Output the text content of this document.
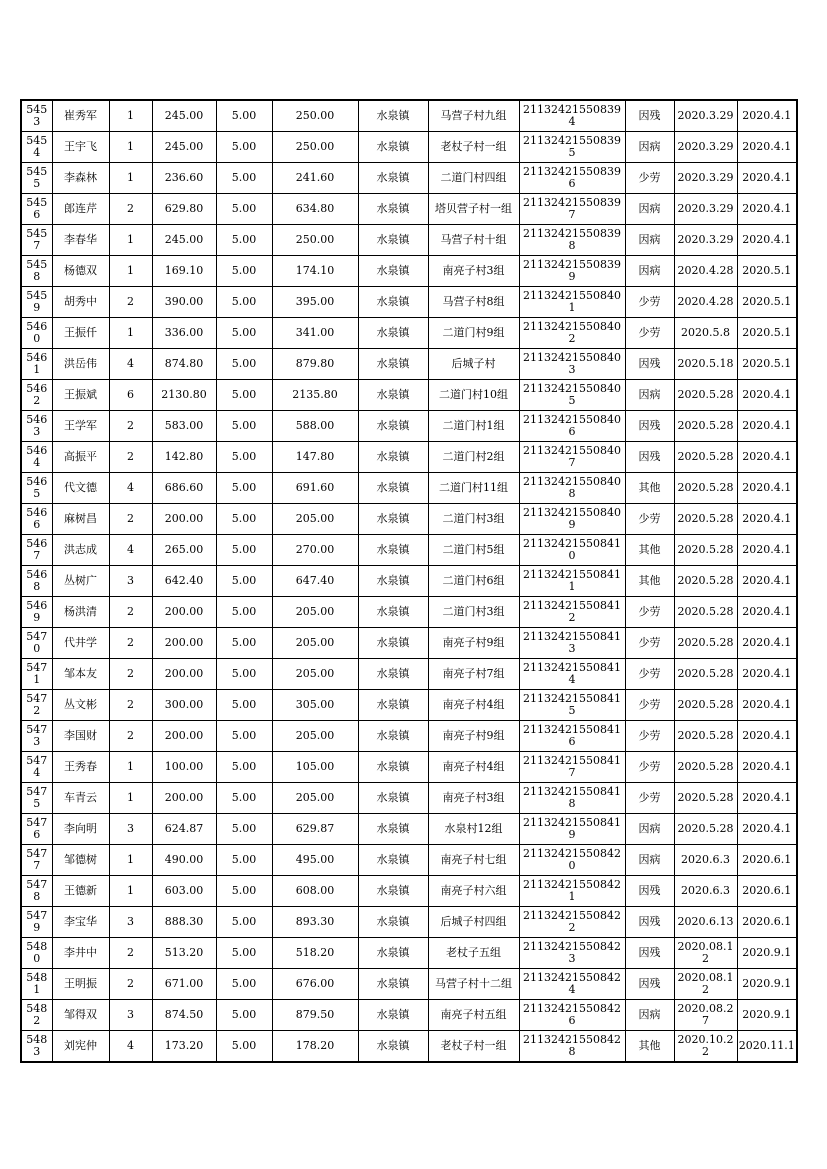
5453	崔秀军	1	245.00	5.00	250.00	水泉镇	马营子村九组	211324215508394	因残	2020.3.29	2020.4.1
5454	王宇飞	1	245.00	5.00	250.00	水泉镇	老杖子村一组	211324215508395	因病	2020.3.29	2020.4.1
5455	李森林	1	236.60	5.00	241.60	水泉镇	二道门村四组	211324215508396	少劳	2020.3.29	2020.4.1
5456	郎连芹	2	629.80	5.00	634.80	水泉镇	塔贝营子村一组	211324215508397	因病	2020.3.29	2020.4.1
5457	李春华	1	245.00	5.00	250.00	水泉镇	马营子村十组	211324215508398	因病	2020.3.29	2020.4.1
5458	杨德双	1	169.10	5.00	174.10	水泉镇	南亮子村3组	211324215508399	因病	2020.4.28	2020.5.1
5459	胡秀中	2	390.00	5.00	395.00	水泉镇	马营子村8组	211324215508401	少劳	2020.4.28	2020.5.1
5460	王振仟	1	336.00	5.00	341.00	水泉镇	二道门村9组	211324215508402	少劳	2020.5.8	2020.5.1
5461	洪岳伟	4	874.80	5.00	879.80	水泉镇	后城子村	211324215508403	因残	2020.5.18	2020.5.1
5462	王振斌	6	2130.80	5.00	2135.80	水泉镇	二道门村10组	211324215508405	因病	2020.5.28	2020.4.1
5463	王学军	2	583.00	5.00	588.00	水泉镇	二道门村1组	211324215508406	因残	2020.5.28	2020.4.1
5464	高振平	2	142.80	5.00	147.80	水泉镇	二道门村2组	211324215508407	因残	2020.5.28	2020.4.1
5465	代文德	4	686.60	5.00	691.60	水泉镇	二道门村11组	211324215508408	其他	2020.5.28	2020.4.1
5466	麻树昌	2	200.00	5.00	205.00	水泉镇	二道门村3组	211324215508409	少劳	2020.5.28	2020.4.1
5467	洪志成	4	265.00	5.00	270.00	水泉镇	二道门村5组	211324215508410	其他	2020.5.28	2020.4.1
5468	丛树广	3	642.40	5.00	647.40	水泉镇	二道门村6组	211324215508411	其他	2020.5.28	2020.4.1
5469	杨洪清	2	200.00	5.00	205.00	水泉镇	二道门村3组	211324215508412	少劳	2020.5.28	2020.4.1
5470	代井学	2	200.00	5.00	205.00	水泉镇	南亮子村9组	211324215508413	少劳	2020.5.28	2020.4.1
5471	邹本友	2	200.00	5.00	205.00	水泉镇	南亮子村7组	211324215508414	少劳	2020.5.28	2020.4.1
5472	丛文彬	2	300.00	5.00	305.00	水泉镇	南亮子村4组	211324215508415	少劳	2020.5.28	2020.4.1
5473	李国财	2	200.00	5.00	205.00	水泉镇	南亮子村9组	211324215508416	少劳	2020.5.28	2020.4.1
5474	王秀春	1	100.00	5.00	105.00	水泉镇	南亮子村4组	211324215508417	少劳	2020.5.28	2020.4.1
5475	车青云	1	200.00	5.00	205.00	水泉镇	南亮子村3组	211324215508418	少劳	2020.5.28	2020.4.1
5476	李向明	3	624.87	5.00	629.87	水泉镇	水泉村12组	211324215508419	因病	2020.5.28	2020.4.1
5477	邹德树	1	490.00	5.00	495.00	水泉镇	南亮子村七组	211324215508420	因病	2020.6.3	2020.6.1
5478	王德新	1	603.00	5.00	608.00	水泉镇	南亮子村六组	211324215508421	因残	2020.6.3	2020.6.1
5479	李宝华	3	888.30	5.00	893.30	水泉镇	后城子村四组	211324215508422	因残	2020.6.13	2020.6.1
5480	李井中	2	513.20	5.00	518.20	水泉镇	老杖子五组	211324215508423	因残	2020.08.12	2020.9.1
5481	王明振	2	671.00	5.00	676.00	水泉镇	马营子村十二组	211324215508424	因残	2020.08.12	2020.9.1
5482	邹得双	3	874.50	5.00	879.50	水泉镇	南亮子村五组	211324215508426	因病	2020.08.27	2020.9.1
5483	刘宪仲	4	173.20	5.00	178.20	水泉镇	老杖子村一组	211324215508428	其他	2020.10.22	2020.11.1
